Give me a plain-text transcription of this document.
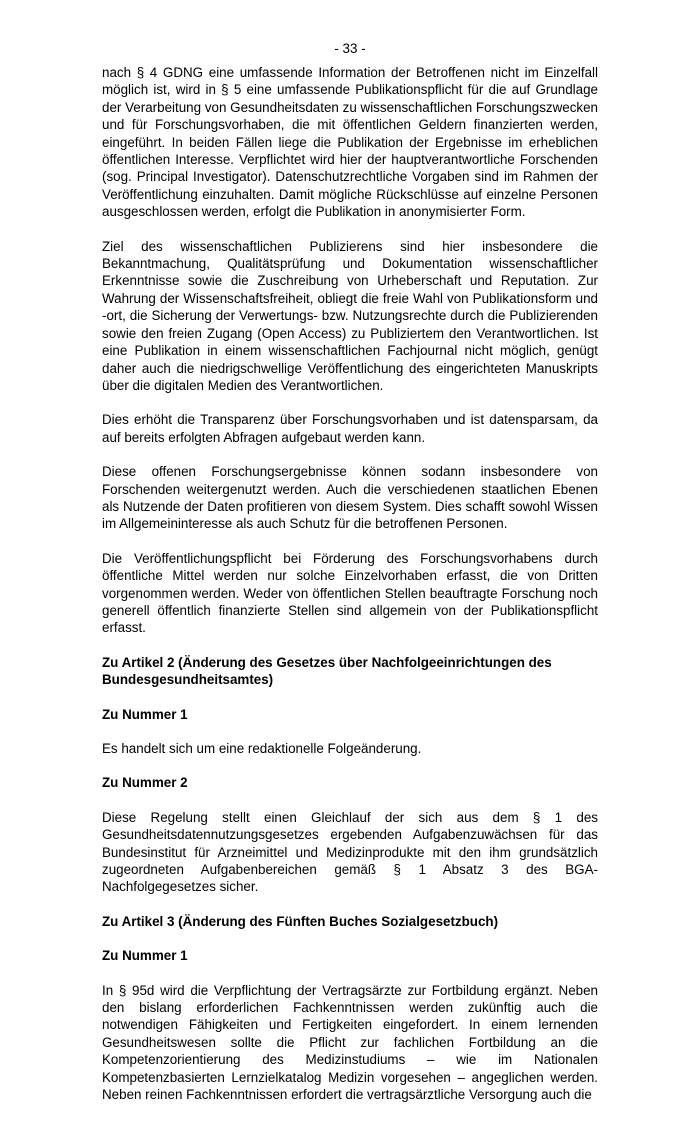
- 33 -

nach § 4 GDNG eine umfassende Information der Betroffenen nicht im Einzelfall möglich ist, wird in § 5 eine umfassende Publikationspflicht für die auf Grundlage der Verarbeitung von Gesundheitsdaten zu wissenschaftlichen Forschungszwecken und für Forschungsvorhaben, die mit öffentlichen Geldern finanzierten werden, eingeführt. In beiden Fällen liege die Publikation der Ergebnisse im erheblichen öffentlichen Interesse. Verpflichtet wird hier der hauptverantwortliche Forschenden (sog. Principal Investigator). Datenschutzrechtliche Vorgaben sind im Rahmen der Veröffentlichung einzuhalten. Damit mögliche Rückschlüsse auf einzelne Personen ausgeschlossen werden, erfolgt die Publikation in anonymisierter Form.

Ziel des wissenschaftlichen Publizierens sind hier insbesondere die Bekanntmachung, Qualitätsprüfung und Dokumentation wissenschaftlicher Erkenntnisse sowie die Zuschreibung von Urheberschaft und Reputation. Zur Wahrung der Wissenschaftsfreiheit, obliegt die freie Wahl von Publikationsform und -ort, die Sicherung der Verwertungs- bzw. Nutzungsrechte durch die Publizierenden sowie den freien Zugang (Open Access) zu Publiziertem den Verantwortlichen. Ist eine Publikation in einem wissenschaftlichen Fachjournal nicht möglich, genügt daher auch die niedrigschwellige Veröffentlichung des eingerichteten Manuskripts über die digitalen Medien des Verantwortlichen.

Dies erhöht die Transparenz über Forschungsvorhaben und ist datensparsam, da auf bereits erfolgten Abfragen aufgebaut werden kann.

Diese offenen Forschungsergebnisse können sodann insbesondere von Forschenden weitergenutzt werden. Auch die verschiedenen staatlichen Ebenen als Nutzende der Daten profitieren von diesem System. Dies schafft sowohl Wissen im Allgemeininteresse als auch Schutz für die betroffenen Personen.

Die Veröffentlichungspflicht bei Förderung des Forschungsvorhabens durch öffentliche Mittel werden nur solche Einzelvorhaben erfasst, die von Dritten vorgenommen werden. Weder von öffentlichen Stellen beauftragte Forschung noch generell öffentlich finanzierte Stellen sind allgemein von der Publikationspflicht erfasst.

Zu Artikel 2 (Änderung des Gesetzes über Nachfolgeeinrichtungen des Bundesgesundheitsamtes)
Zu Nummer 1

Es handelt sich um eine redaktionelle Folgeänderung.

Zu Nummer 2

Diese Regelung stellt einen Gleichlauf der sich aus dem § 1 des Gesundheitsdatennutzungsgesetzes ergebenden Aufgabenzuwächsen für das Bundesinstitut für Arzneimittel und Medizinprodukte mit den ihm grundsätzlich zugeordneten Aufgabenbereichen gemäß § 1 Absatz 3 des BGA-Nachfolgegesetzes sicher.

Zu Artikel 3 (Änderung des Fünften Buches Sozialgesetzbuch)
Zu Nummer 1

In § 95d wird die Verpflichtung der Vertragsärzte zur Fortbildung ergänzt. Neben den bislang erforderlichen Fachkenntnissen werden zukünftig auch die notwendigen Fähigkeiten und Fertigkeiten eingefordert. In einem lernenden Gesundheitswesen sollte die Pflicht zur fachlichen Fortbildung an die Kompetenzorientierung des Medizinstudiums – wie im Nationalen Kompetenzbasierten Lernzielkatalog Medizin vorgesehen – angeglichen werden. Neben reinen Fachkenntnissen erfordert die vertragsärztliche Versorgung auch die
